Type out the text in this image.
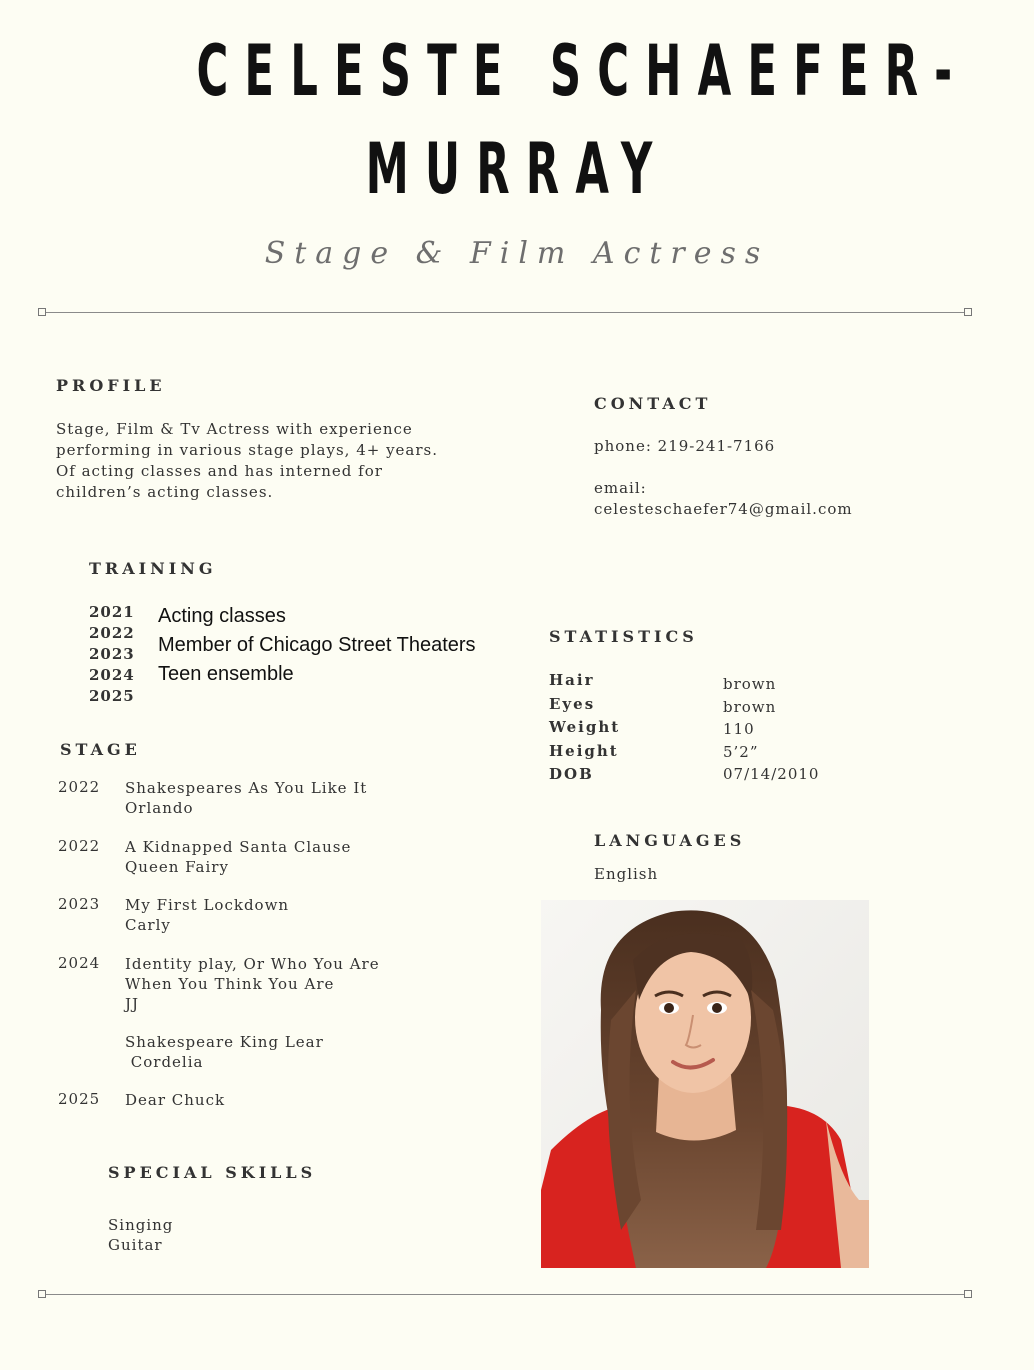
CELESTE SCHAEFER-
MURRAY

Stage & Film Actress

PROFILE

Stage, Film & Tv Actress with experience

performing in various stage plays, 4+ years.

Of acting classes and has interned for

children’s acting classes.

CONTACT

phone: 219-241-7166

email:

celesteschaefer74@gmail.com

TRAINING
2021
2022
2023
2024
2025
Acting classes
Member of Chicago Street Theaters
Teen ensemble
STATISTICS
Hair
Eyes
Weight
Height
DOB
brown
brown
110
5’2”
07/14/2010
STAGE
2022 Shakespeares As You Like It
Orlando
2022 A Kidnapped Santa Clause
Queen Fairy
2023 My First Lockdown
Carly
2024 Identity play, Or Who You Are
When You Think You Are
JJ
Shakespeare King Lear
Cordelia
2025 Dear Chuck
LANGUAGES

English

SPECIAL SKILLS
Singing
Guitar
